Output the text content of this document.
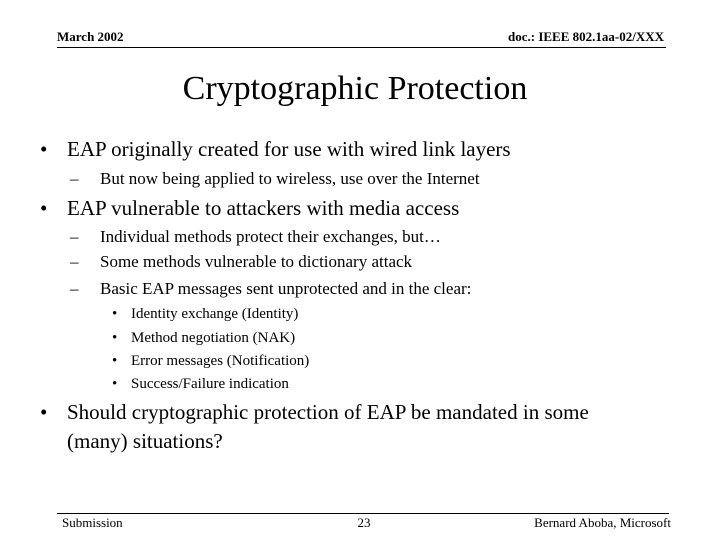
March 2002	doc.: IEEE 802.1aa-02/XXX
Cryptographic Protection
• EAP originally created for use with wired link layers
– But now being applied to wireless, use over the Internet
• EAP vulnerable to attackers with media access
– Individual methods protect their exchanges, but…
– Some methods vulnerable to dictionary attack
– Basic EAP messages sent unprotected and in the clear:
• Identity exchange (Identity)
• Method negotiation (NAK)
• Error messages (Notification)
• Success/Failure indication
• Should cryptographic protection of EAP be mandated in some
(many) situations?
Submission	23	Bernard Aboba, Microsoft
